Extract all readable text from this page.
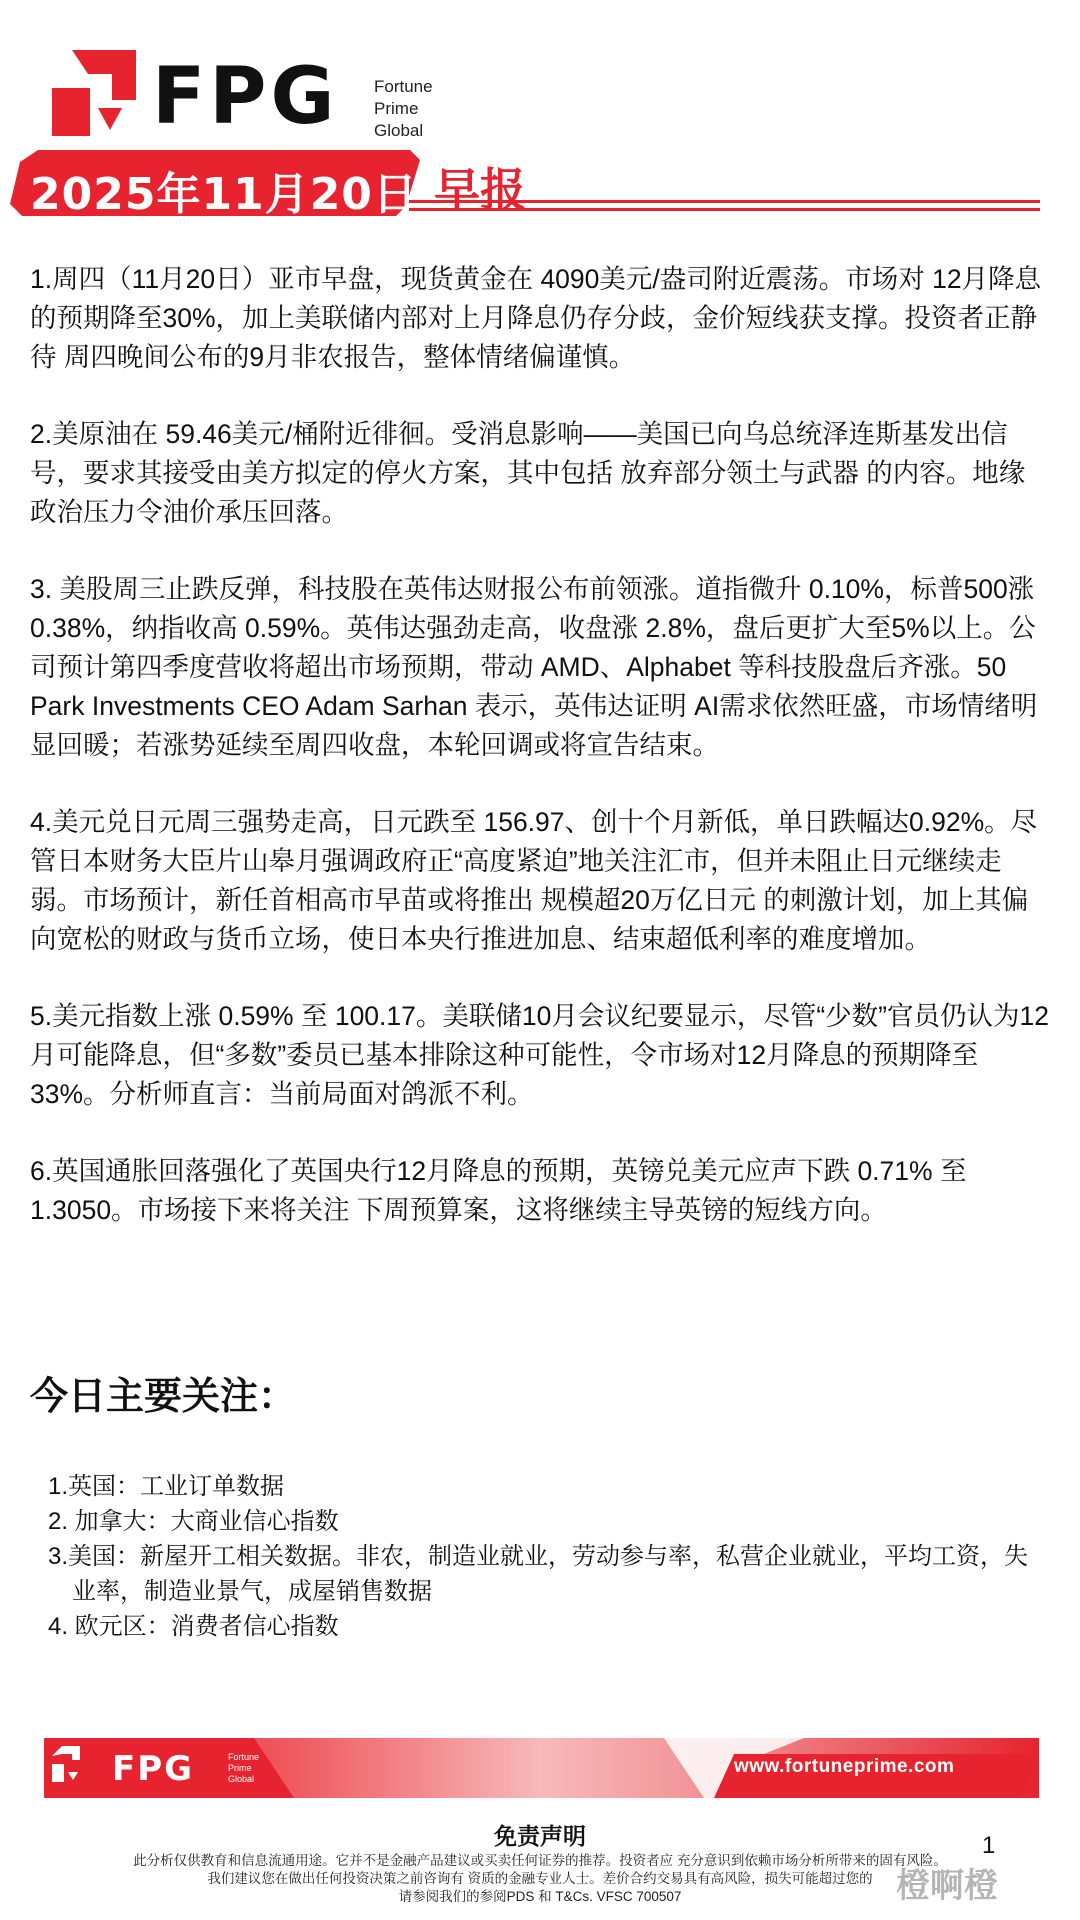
FPG Fortune
Prime
Global
2025年11月20日 早报

1.周四（11月20日）亚市早盘，现货黄金在 4090美元/盎司附近震荡。市场对 12月降息的预期降至30%，加上美联储内部对上月降息仍存分歧，金价短线获支撑。投资者正静待 周四晚间公布的9月非农报告，整体情绪偏谨慎。

2.美原油在 59.46美元/桶附近徘徊。受消息影响——美国已向乌总统泽连斯基发出信号，要求其接受由美方拟定的停火方案，其中包括 放弃部分领土与武器 的内容。地缘政治压力令油价承压回落。

3. 美股周三止跌反弹，科技股在英伟达财报公布前领涨。道指微升 0.10%，标普500涨 0.38%，纳指收高 0.59%。英伟达强劲走高，收盘涨 2.8%，盘后更扩大至5%以上。公司预计第四季度营收将超出市场预期，带动 AMD、Alphabet 等科技股盘后齐涨。50 Park Investments CEO Adam Sarhan 表示，英伟达证明 AI需求依然旺盛，市场情绪明显回暖；若涨势延续至周四收盘，本轮回调或将宣告结束。

4.美元兑日元周三强势走高，日元跌至 156.97、创十个月新低，单日跌幅达0.92%。尽管日本财务大臣片山皋月强调政府正“高度紧迫”地关注汇市，但并未阻止日元继续走弱。市场预计，新任首相高市早苗或将推出 规模超20万亿日元 的刺激计划，加上其偏向宽松的财政与货币立场，使日本央行推进加息、结束超低利率的难度增加。

5.美元指数上涨 0.59% 至 100.17。美联储10月会议纪要显示，尽管“少数”官员仍认为12月可能降息，但“多数”委员已基本排除这种可能性，令市场对12月降息的预期降至 33%。分析师直言：当前局面对鸽派不利。

6.英国通胀回落强化了英国央行12月降息的预期，英镑兑美元应声下跌 0.71% 至 1.3050。市场接下来将关注 下周预算案，这将继续主导英镑的短线方向。

今日主要关注：
1.英国：工业订单数据
2. 加拿大：大商业信心指数
3.美国：新屋开工相关数据。非农，制造业就业，劳动参与率，私营企业就业，平均工资，失业率，制造业景气，成屋销售数据
4. 欧元区：消费者信心指数
FPG	Fortune
Prime
Global
www.fortuneprime.com
免责声明	1
此分析仅供教育和信息流通用途。它并不是金融产品建议或买卖任何证券的推荐。投资者应 充分意识到依赖市场分析所带来的固有风险。
我们建议您在做出任何投资决策之前咨询有 资质的金融专业人士。差价合约交易具有高风险，损失可能超过您的
请参阅我们的参阅PDS 和 T&Cs. VFSC 700507	橙啊橙
